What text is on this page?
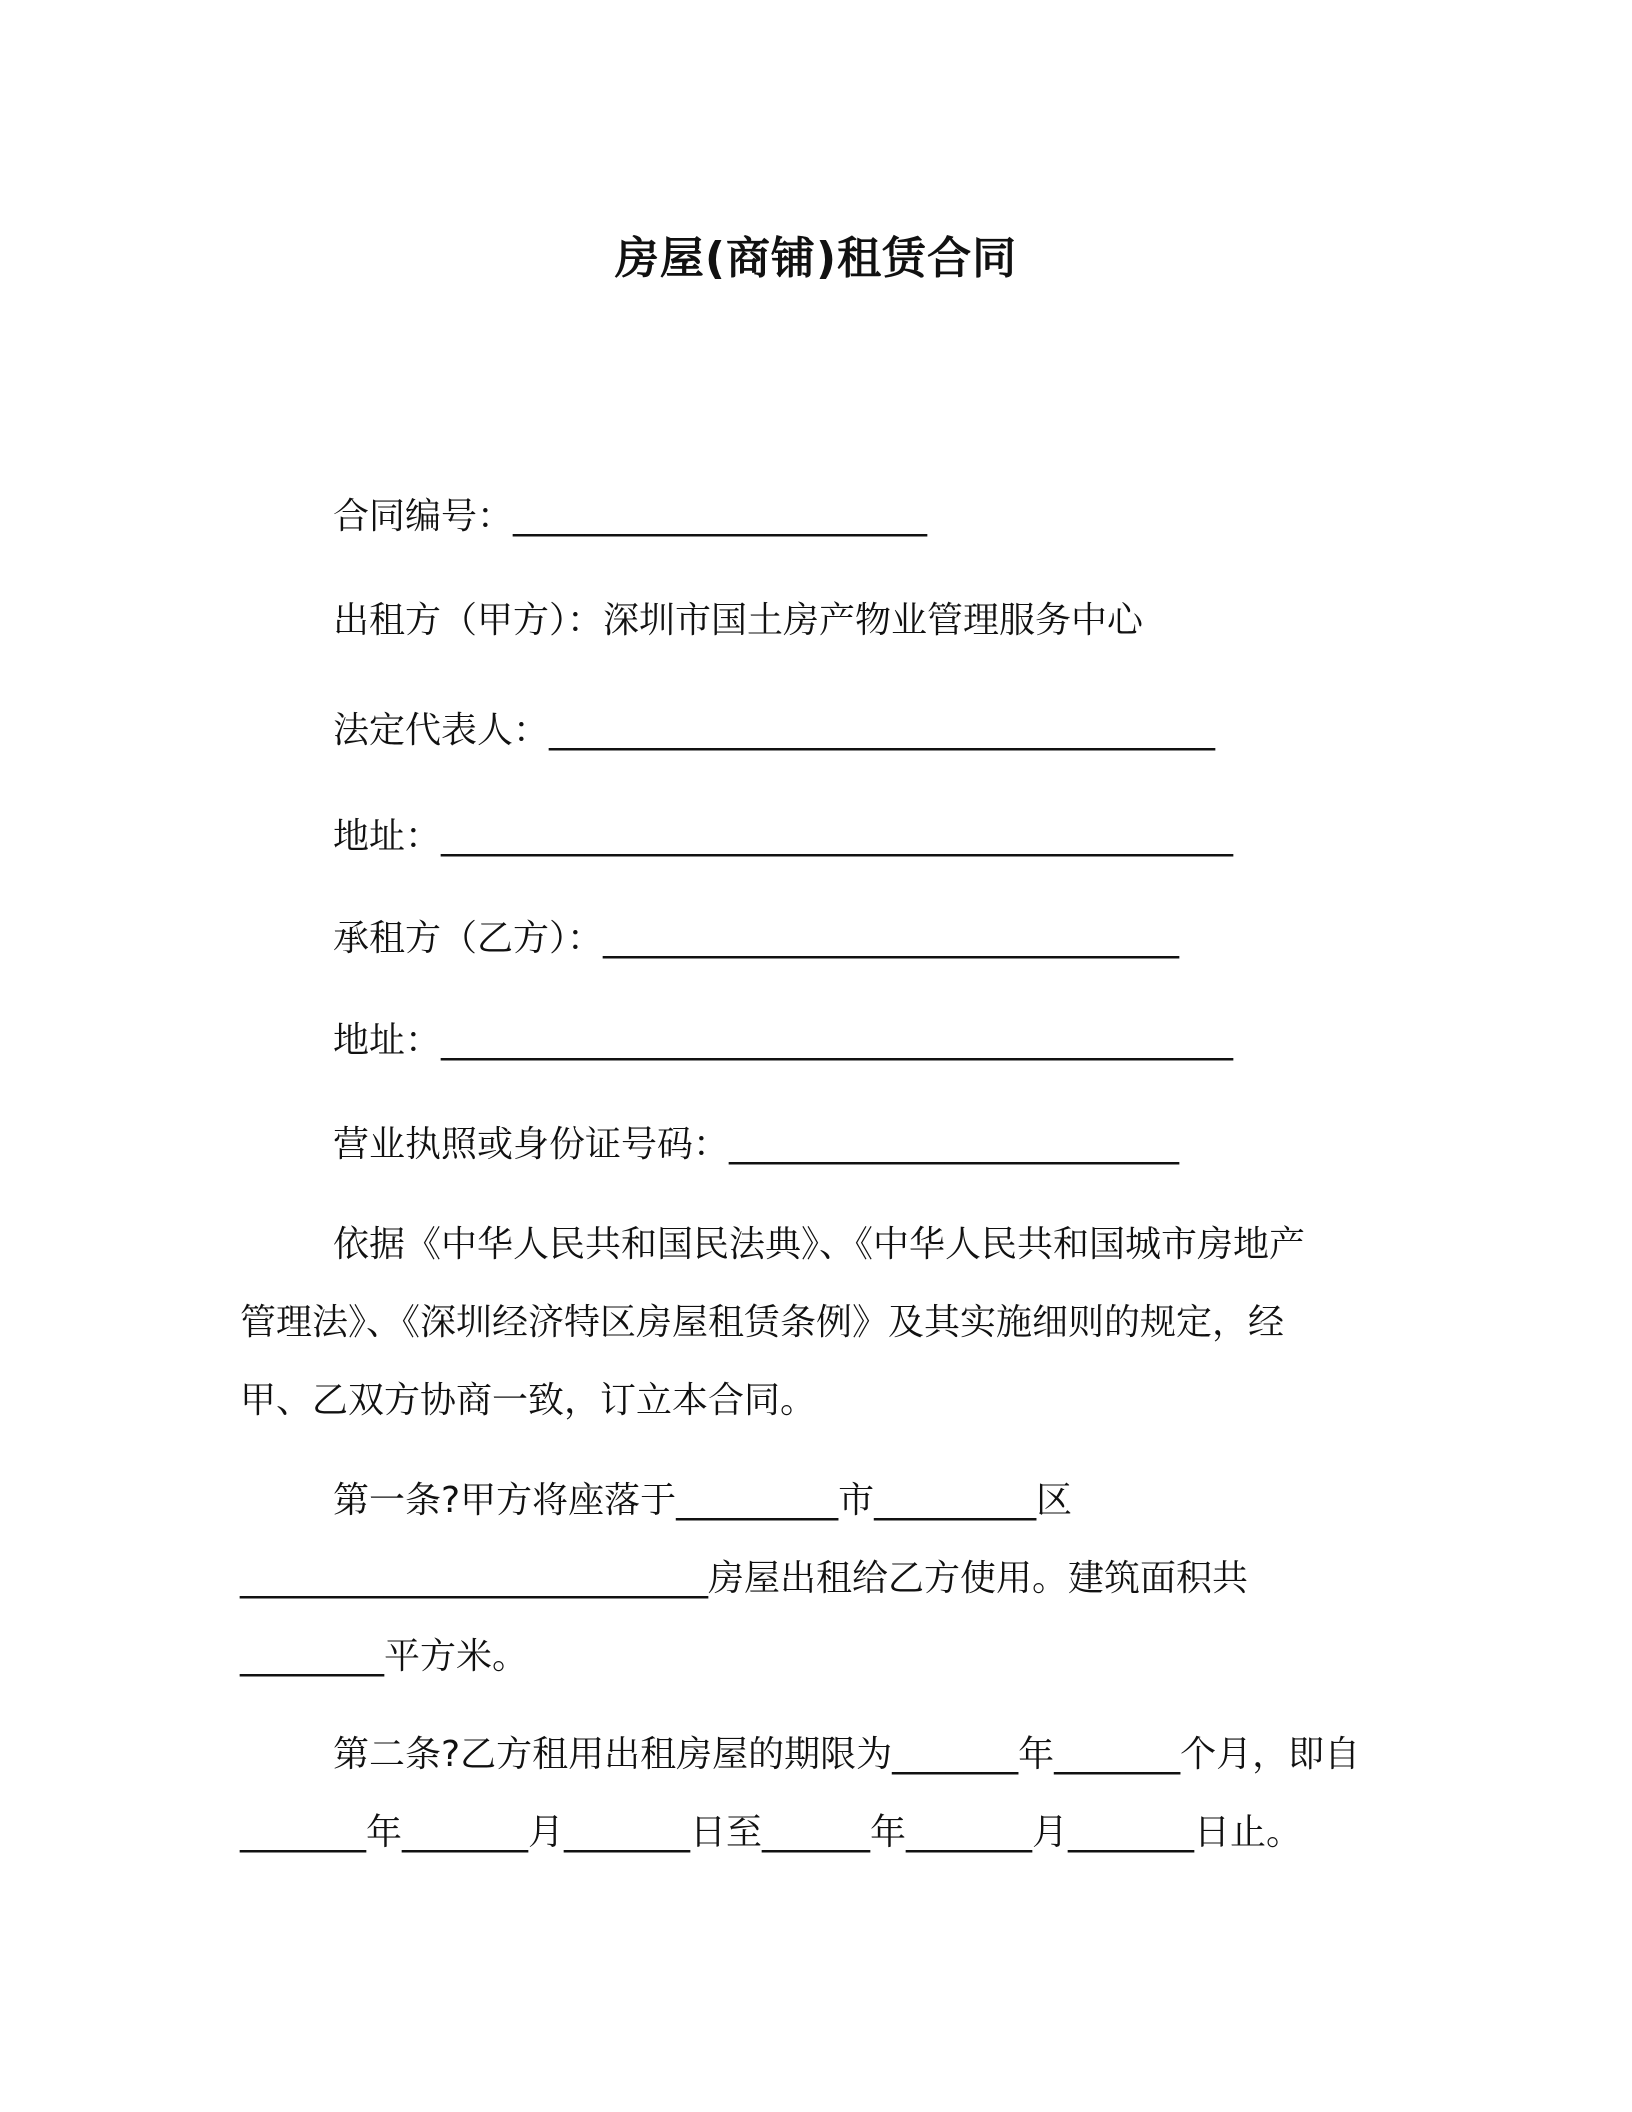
房屋(商铺)租赁合同
合同编号：_______________________
出租方（甲方）：深圳市国土房产物业管理服务中心
法定代表人：_____________________________________
地址：____________________________________________
承租方（乙方）：________________________________
地址：____________________________________________
营业执照或身份证号码：_________________________
依据《中华人民共和国民法典》、《中华人民共和国城市房地产
管理法》、《深圳经济特区房屋租赁条例》及其实施细则的规定，经
甲、乙双方协商一致，订立本合同。
第一条?甲方将座落于_________市_________区
__________________________房屋出租给乙方使用。建筑面积共
________平方米。
第二条?乙方租用出租房屋的期限为_______年_______个月，即自
_______年_______月_______日至______年_______月_______日止。
